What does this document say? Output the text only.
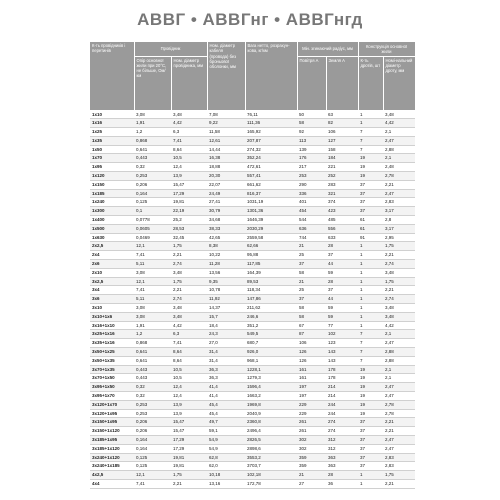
АВВГ • АВВГнг • АВВГнгд
К-ть провідників і перетинів	Провідник		Ном. діаметр кабеля (провода) без броньової оболонки, мм	Вага нетто, розрахун-кова, кг/км	Мін. згинаючий радіус, мм		Конструкція основної жили	
	Опір основної жили при 20°С, не більше, Ом/км	Ном. діаметр провідника, мм			Повітря А	Земля А	К-ть дротів, шт	Номі-нальний діаметр дроту, мм
1x10	3,08	3,48	7,08	76,11	50	63	1	3,48
1x16	1,91	4,42	9,22	111,36	58	82	1	4,42
1x25	1,2	6,3	11,58	165,92	92	106	7	2,1
1x35	0,868	7,41	12,61	207,87	113	127	7	2,47
1x50	0,641	8,64	14,44	274,32	139	158	7	2,88
1x70	0,443	10,5	16,38	352,24	176	184	19	2,1
1x95	0,32	12,4	18,88	472,61	217	221	19	2,48
1x120	0,253	13,9	20,30	557,41	253	252	19	2,78
1x150	0,206	15,47	22,07	661,62	290	283	37	2,21
1x185	0,164	17,29	24,49	816,37	336	321	37	2,47
1x240	0,125	19,81	27,41	1031,19	401	374	37	2,83
1x300	0,1	22,19	30,79	1301,36	454	423	37	3,17
1x400	0,0778	25,2	34,68	1646,39	544	485	61	2,8
1x500	0,0605	28,53	38,33	2030,29	636	556	61	3,17
1x630	0,0469	32,45	42,65	2559,58	744	633	91	2,95
2x2,5	12,1	1,75	8,38	62,66	21	28	1	1,75
2x4	7,41	2,21	10,22	95,88	25	37	1	2,21
2x6	5,11	2,74	11,28	117,85	37	44	1	2,74
2x10	3,08	3,48	13,56	164,39	58	59	1	3,48
3x2,5	12,1	1,75	9,35	89,53	21	28	1	1,75
3x4	7,41	2,21	10,78	118,34	25	37	1	2,21
3x6	5,11	2,74	11,92	147,86	37	44	1	2,74
3x10	3,08	3,48	14,37	211,62	58	59	1	3,48
3x10+1x6	3,08	3,48	15,7	246,6	58	59	1	3,48
3x16+1x10	1,91	4,42	18,4	351,2	67	77	1	4,42
3x25+1x16	1,2	6,3	24,3	549,5	87	102	7	2,1
3x35+1x16	0,868	7,41	27,0	680,7	106	123	7	2,47
3x50+1x25	0,641	8,64	31,4	926,0	126	143	7	2,88
3x50+1x35	0,641	8,64	31,4	968,1	126	143	7	2,88
3x70+1x35	0,443	10,5	36,3	1228,1	161	178	19	2,1
3x70+1x50	0,443	10,5	36,3	1279,3	161	178	19	2,1
3x95+1x50	0,32	12,4	41,4	1596,4	197	214	19	2,47
3x95+1x70	0,32	12,4	41,4	1663,2	197	214	19	2,47
3x120+1x70	0,253	13,9	45,4	1969,8	229	244	19	2,78
3x120+1x95	0,253	13,9	45,4	2040,9	229	244	19	2,78
3x150+1x95	0,206	15,47	49,7	2360,8	261	274	37	2,21
3x150+1x120	0,206	15,47	59,1	2496,4	261	274	37	2,21
3x185+1x95	0,164	17,29	54,9	2826,5	302	312	37	2,47
3x185+1x120	0,164	17,29	54,9	2898,6	302	312	37	2,47
3x240+1x120	0,125	19,81	62,8	3553,2	359	363	37	2,83
3x240+1x185	0,125	19,81	62,0	3703,7	359	363	37	2,83
4x2,5	12,1	1,75	10,18	102,18	21	28	1	1,75
4x4	7,41	2,21	13,16	172,78	27	36	1	2,21
